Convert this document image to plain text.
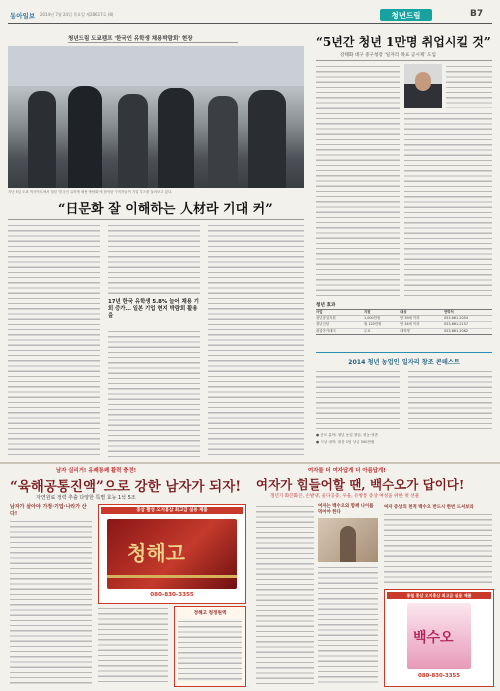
동아일보 2014년 7월 24일 목요일 제28617호 (8)	청년드림	B7
청년드림 도쿄캠프 '한국인 유학생 채용박람회' 현장
지난 5일 도쿄 빅사이트에서 열린 '한국인 유학생 채용 박람회'에 참석한 구직자들이 기업 부스를 둘러보고 있다.
“日문화 잘 이해하는 人材라 기대 커”
17년 한국 유학생 5.8% 늘어 채용 기회 증가… 일본 기업 현지 박람회 활용을
“5년간 청년 1만명 취업시킬 것”
강태화 대구 중구청장 ‘일자리 목표 공시제’ 도입
청년 효과
사업	지원	대상	연락처
청년창업지원	1,000만원	만 39세 이하	053-661-2054
청년인턴	월 120만원	만 34세 이하	053-661-2157
취업아카데미	무료	대학생	053-661-2062
2014 청년 농업인 일자리 창조 콘테스트
● 공모 분야: 청년 농업 창업, 귀농·귀촌
● 시상 내역: 대상 1팀 상금 500만원
남자 실리거! 유쾌통쾌 활력 충전!
“육해공통진액”으로 강한 남자가 되자!
자연원료 정력 추출 다양한 특별 효능 1석 5조
남자가 살아야 가정·기업·나라가 산다!	홍삼 활성 오지홍삼 최고급 실용 제품
청해고
080-830-3355
정해고 청정원액
여자를 더 여자답게 더 아름답게!
여자가 힘들어할 땐, 백수오가 답이다!
갱년기 화끈화끈, 손발냉, 골다공증, 우울, 유방통 증상 여성을 위한 첫 선물
여자는 백수오와 함께 나이를 먹어야 한다
여자 증상의 천적 백수오 반드시 한번 드셔보라
통칠 홍삼 오지홍삼 최고급 실용 제품
백수오
080-830-3355
